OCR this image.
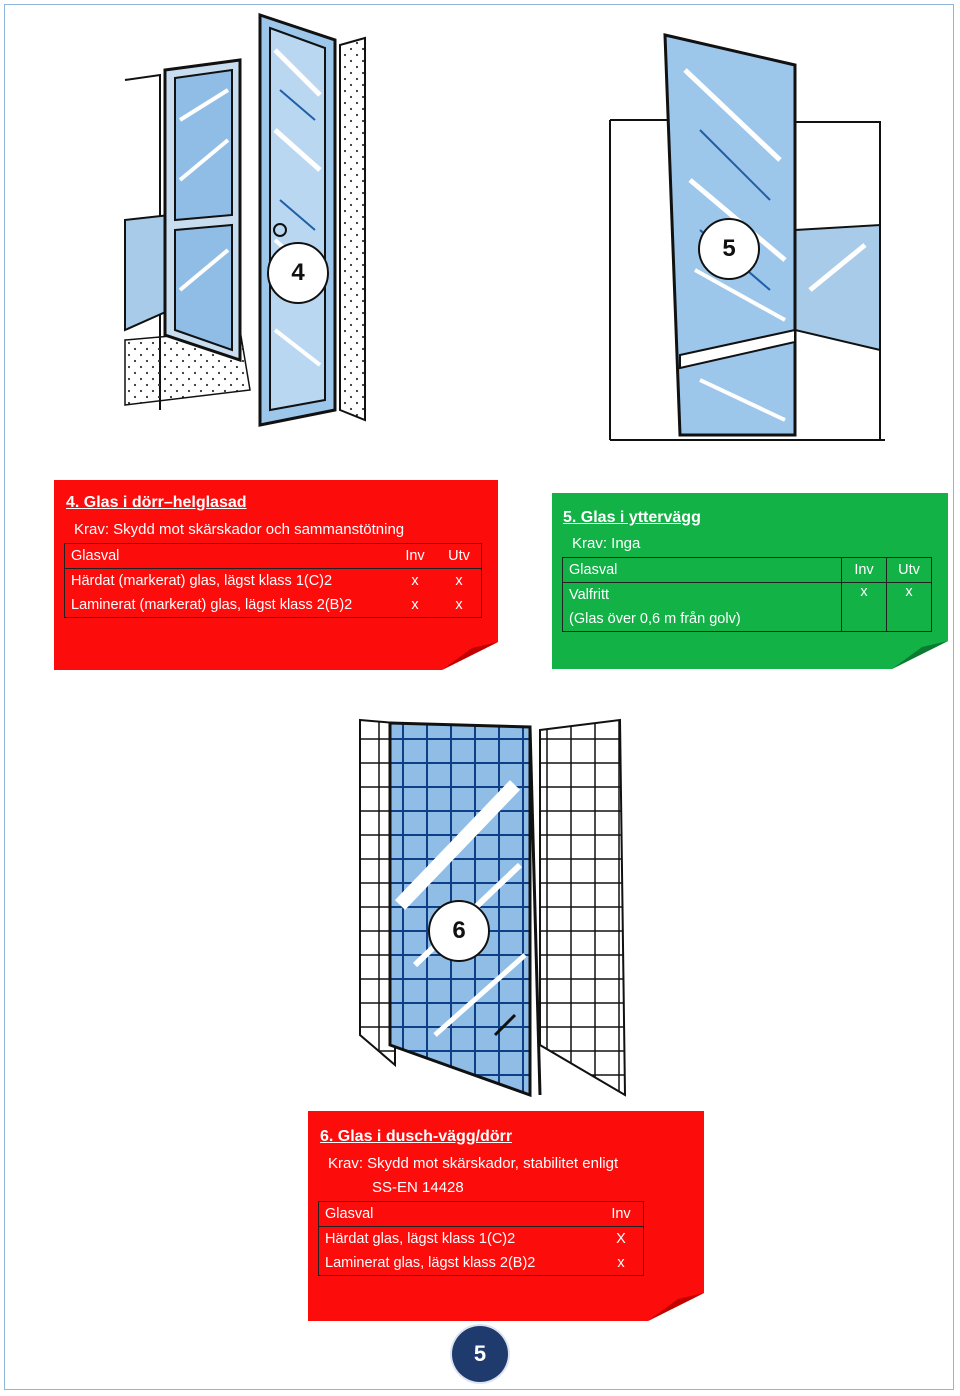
4
5
4. Glas i dörr–helglasad
Krav: Skydd mot skärskador och sammanstötning
Glasval	Inv	Utv
Härdat (markerat) glas, lägst klass 1(C)2	x	x
Laminerat (markerat) glas, lägst klass 2(B)2	x	x
5. Glas i yttervägg
Krav: Inga
Glasval	Inv	Utv
Valfritt	x	x
(Glas över 0,6 m från golv)		
6
6. Glas i dusch-vägg/dörr
Krav: Skydd mot skärskador, stabilitet enligt
SS-EN 14428
Glasval	Inv
Härdat glas, lägst klass 1(C)2	X
Laminerat glas, lägst klass 2(B)2	x
5
